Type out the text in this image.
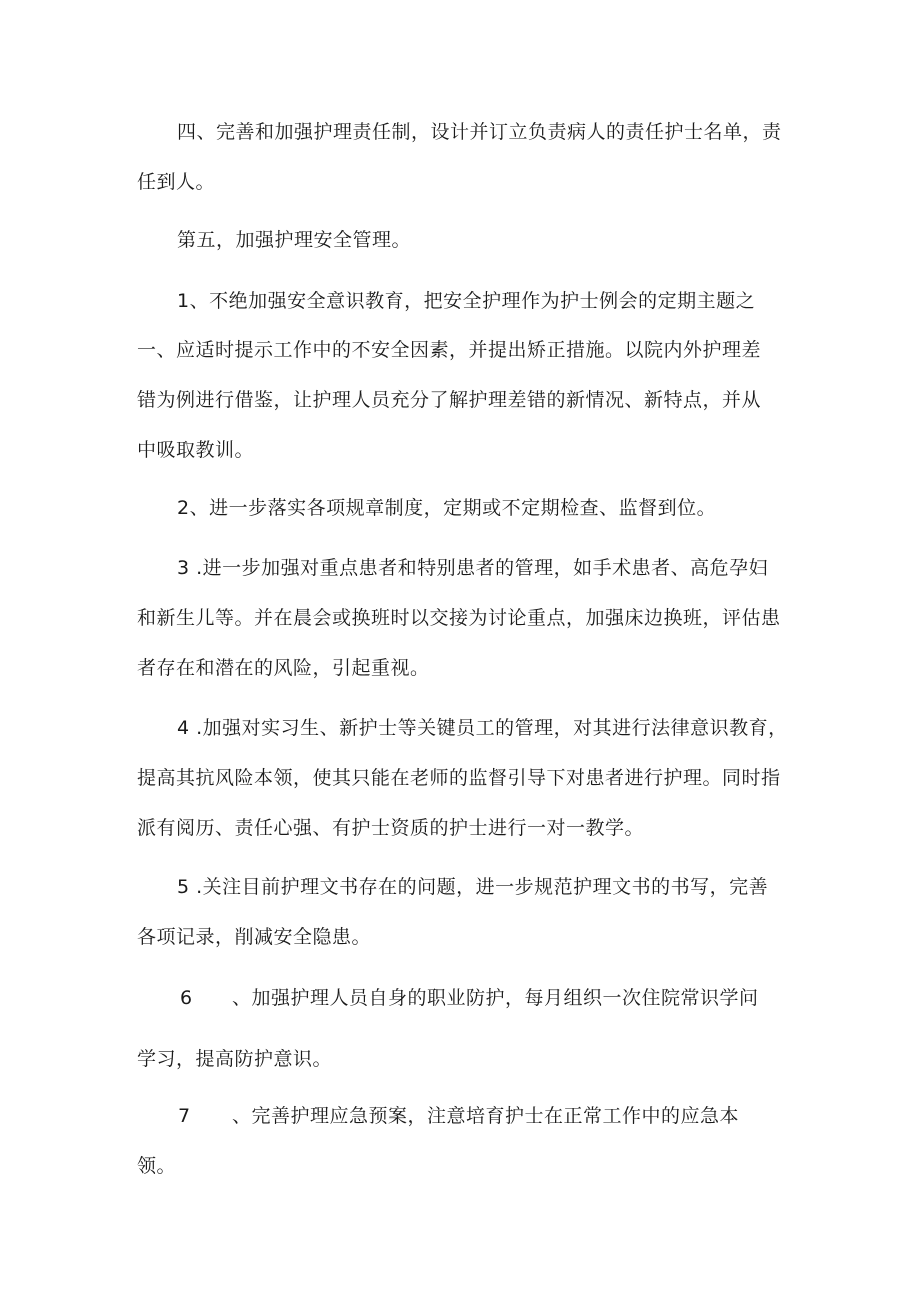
四、完善和加强护理责任制，设计并订立负责病人的责任护士名单，责
任到人。
第五，加强护理安全管理。
1、不绝加强安全意识教育，把安全护理作为护士例会的定期主题之
一、应适时提示工作中的不安全因素，并提出矫正措施。以院内外护理差
错为例进行借鉴，让护理人员充分了解护理差错的新情况、新特点，并从
中吸取教训。
2、进一步落实各项规章制度，定期或不定期检查、监督到位。
3 .进一步加强对重点患者和特别患者的管理，如手术患者、高危孕妇
和新生儿等。并在晨会或换班时以交接为讨论重点，加强床边换班，评估患
者存在和潜在的风险，引起重视。
4 .加强对实习生、新护士等关键员工的管理，对其进行法律意识教育，
提高其抗风险本领，使其只能在老师的监督引导下对患者进行护理。同时指
派有阅历、责任心强、有护士资质的护士进行一对一教学。
5 .关注目前护理文书存在的问题，进一步规范护理文书的书写，完善
各项记录，削减安全隐患。
6 、加强护理人员自身的职业防护，每月组织一次住院常识学问
学习，提高防护意识。
7 、完善护理应急预案，注意培育护士在正常工作中的应急本
领。
